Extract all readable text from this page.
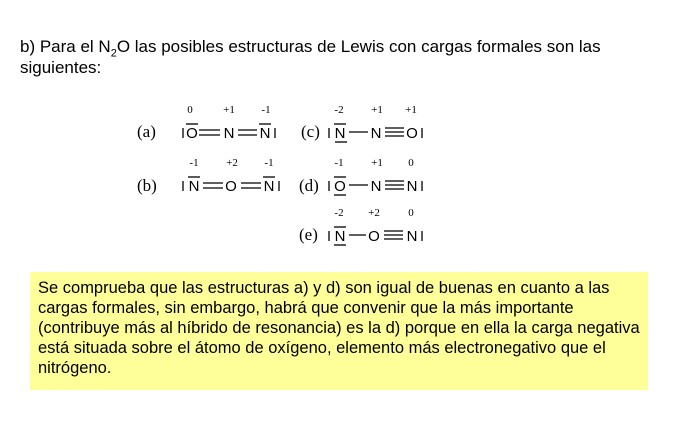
b) Para el $N_2O$ las posibles estructuras de Lewis con cargas formales son las siguientes:
(a)
0	+1 -1
O N N (c)
-2	+1 +1
N N O
(b)
-1	+2 -1
N O N (d)
-1	+1 0
O N N
(e)
-2 +2	0
N O N
Se comprueba que las estructuras a) y d) son igual de buenas en cuanto a las cargas formales, sin embargo, habrá que convenir que la más importante (contribuye más al híbrido de resonancia) es la d) porque en ella la carga negativa está situada sobre el átomo de oxígeno, elemento más electronegativo que el nitrógeno.
